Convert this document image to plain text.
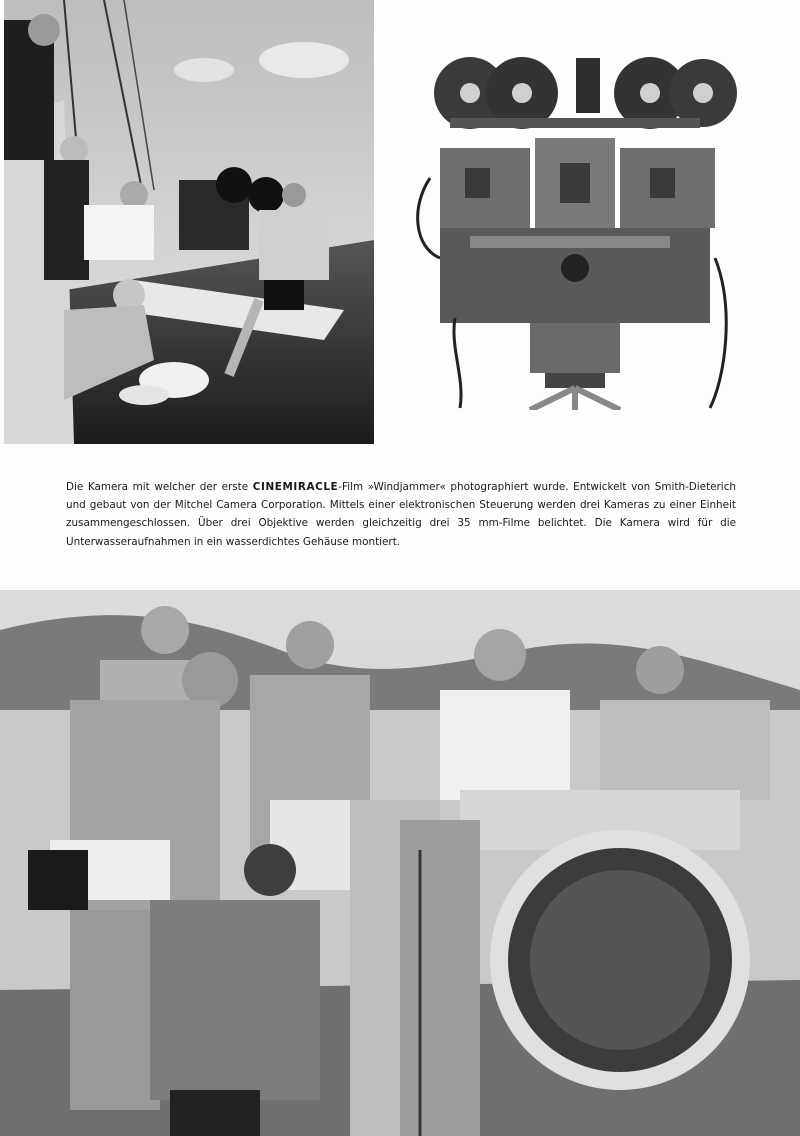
Die Kamera mit welcher der erste CINEMIRACLE-Film »Windjammer« photographiert wurde. Entwickelt von Smith-Dieterich und gebaut von der Mitchel Camera Corporation. Mittels einer elektronischen Steuerung werden drei Kameras zu einer Einheit zusammengeschlossen. Über drei Objektive werden gleichzeitig drei 35 mm-Filme belichtet. Die Kamera wird für die Unterwasseraufnahmen in ein wasserdichtes Gehäuse montiert.
